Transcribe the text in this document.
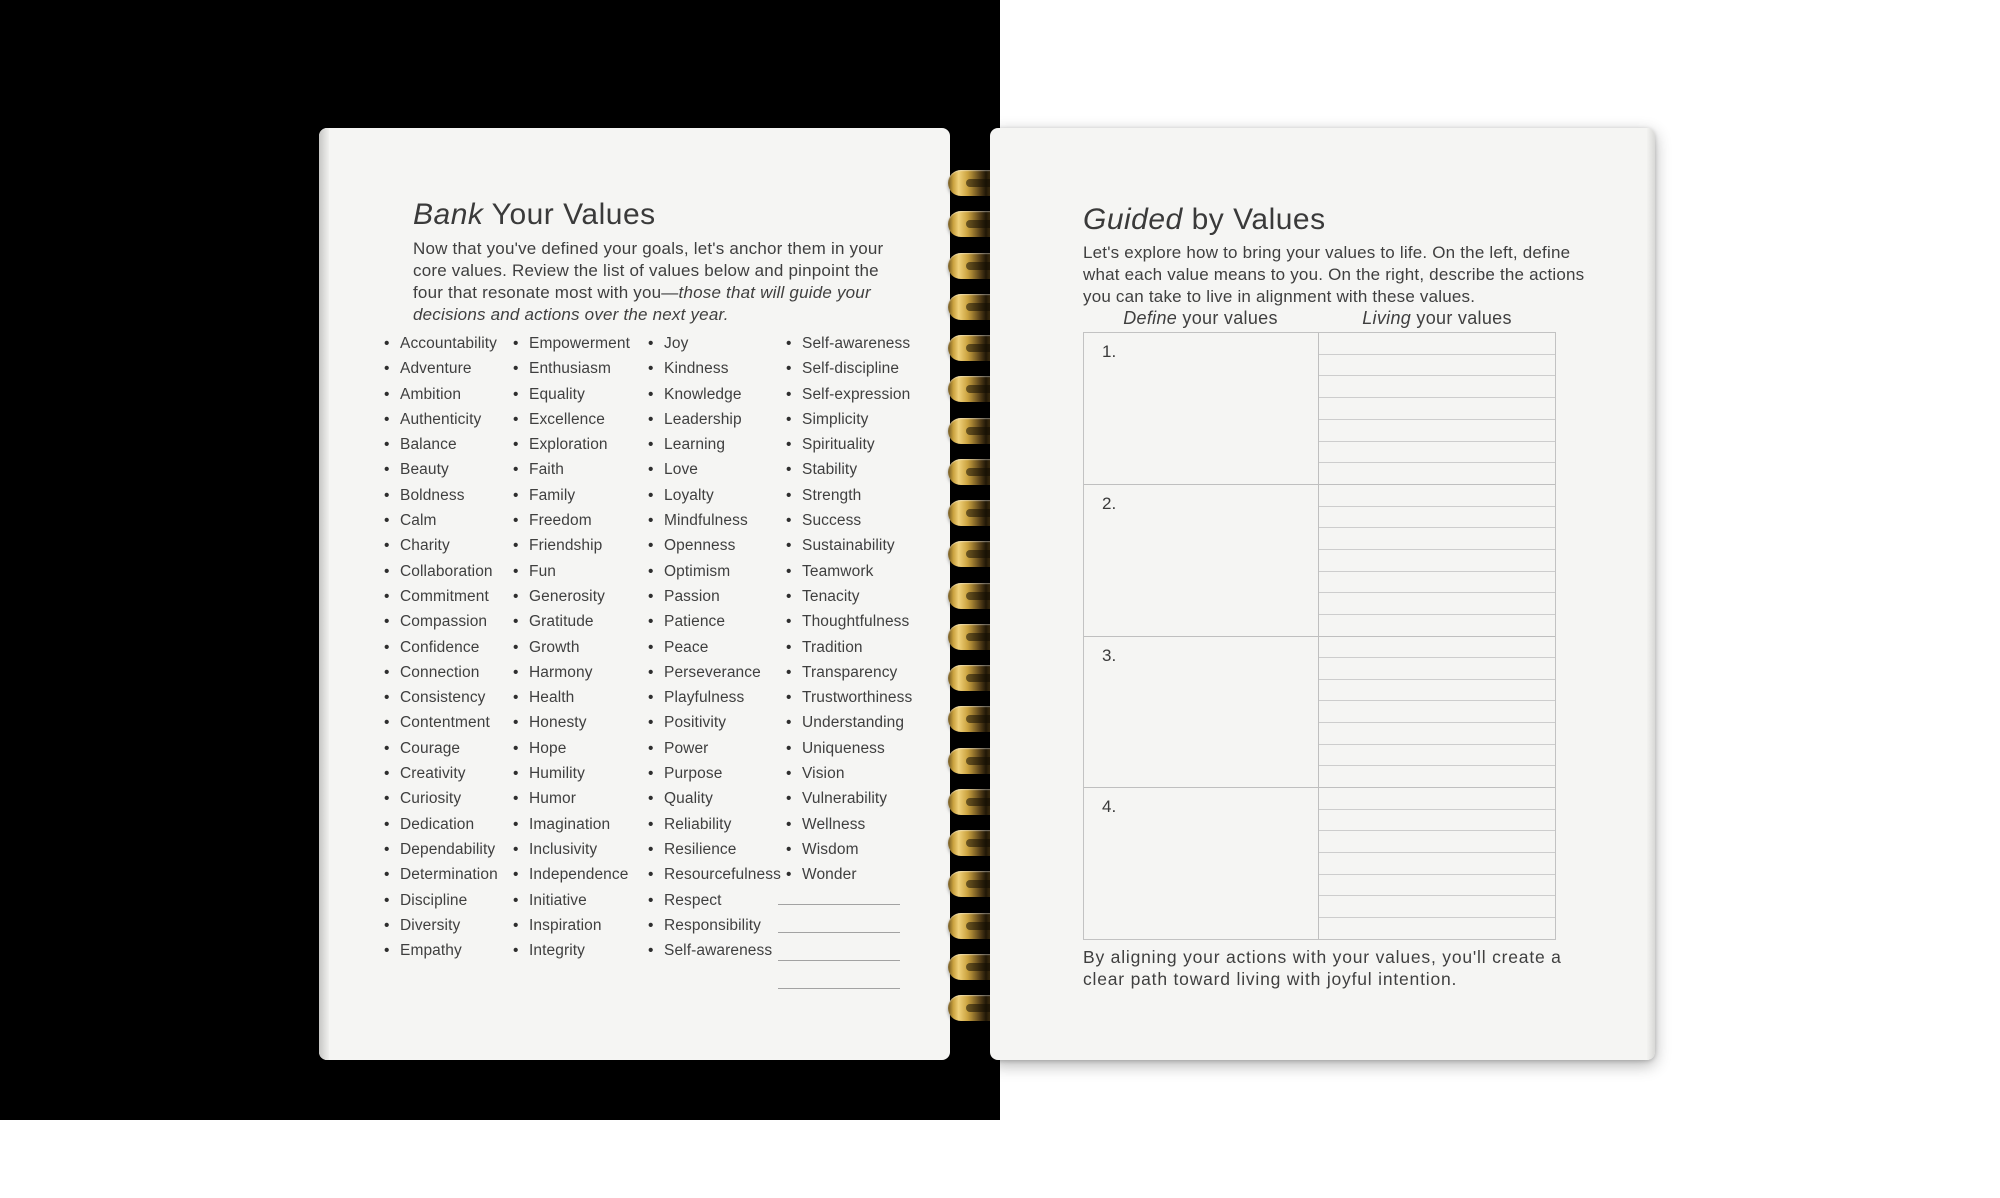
Bank Your Values

Now that you've defined your goals, let's anchor them in your core values. Review the list of values below and pinpoint the four that resonate most with you—those that will guide your decisions and actions over the next year.

• Accountability
• Adventure
• Ambition
• Authenticity
• Balance
• Beauty
• Boldness
• Calm
• Charity
• Collaboration
• Commitment
• Compassion
• Confidence
• Connection
• Consistency
• Contentment
• Courage
• Creativity
• Curiosity
• Dedication
• Dependability
• Determination
• Discipline
• Diversity
• Empathy
• Empowerment
• Enthusiasm
• Equality
• Excellence
• Exploration
• Faith
• Family
• Freedom
• Friendship
• Fun
• Generosity
• Gratitude
• Growth
• Harmony
• Health
• Honesty
• Hope
• Humility
• Humor
• Imagination
• Inclusivity
• Independence
• Initiative
• Inspiration
• Integrity
• Joy
• Kindness
• Knowledge
• Leadership
• Learning
• Love
• Loyalty
• Mindfulness
• Openness
• Optimism
• Passion
• Patience
• Peace
• Perseverance
• Playfulness
• Positivity
• Power
• Purpose
• Quality
• Reliability
• Resilience
• Resourcefulness
• Respect
• Responsibility
• Self-awareness
• Self-awareness
• Self-discipline
• Self-expression
• Simplicity
• Spirituality
• Stability
• Strength
• Success
• Sustainability
• Teamwork
• Tenacity
• Thoughtfulness
• Tradition
• Transparency
• Trustworthiness
• Understanding
• Uniqueness
• Vision
• Vulnerability
• Wellness
• Wisdom
• Wonder
Guided by Values

Let's explore how to bring your values to life. On the left, define what each value means to you. On the right, describe the actions you can take to live in alignment with these values.

Define your values	Living your values
1.
2.
3.
4.

By aligning your actions with your values, you'll create a clear path toward living with joyful intention.
